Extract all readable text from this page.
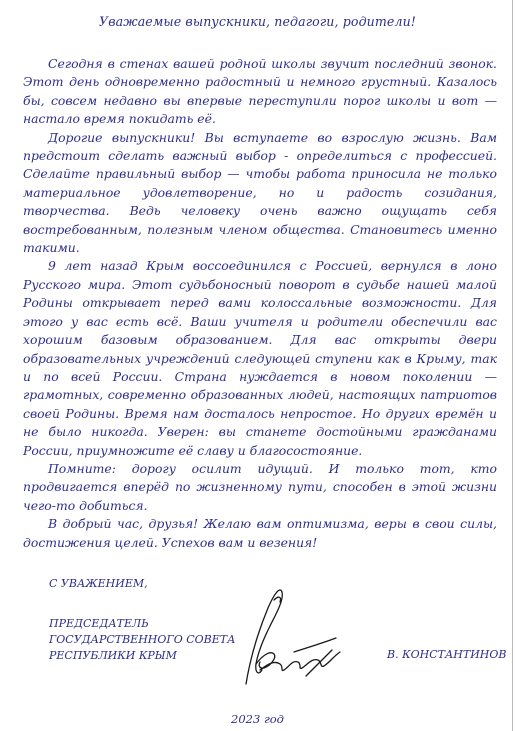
Уважаемые выпускники, педагоги, родители!

Сегодня в стенах вашей родной школы звучит последний звонок. Этот день одновременно радостный и немного грустный. Казалось бы, совсем недавно вы впервые переступили порог школы и вот — настало время покидать её.

Дорогие выпускники! Вы вступаете во взрослую жизнь. Вам предстоит сделать важный выбор - определиться с профессией. Сделайте правильный выбор — чтобы работа приносила не только материальное удовлетворение, но и радость созидания, творчества. Ведь человеку очень важно ощущать себя востребованным, полезным членом общества. Становитесь именно такими.

9 лет назад Крым воссоединился с Россией, вернулся в лоно Русского мира. Этот судьбоносный поворот в судьбе нашей малой Родины открывает перед вами колоссальные возможности. Для этого у вас есть всё. Ваши учителя и родители обеспечили вас хорошим базовым образованием. Для вас открыты двери образовательных учреждений следующей ступени как в Крыму, так и по всей России. Страна нуждается в новом поколении — грамотных, современно образованных людей, настоящих патриотов своей Родины. Время нам досталось непростое. Но других времён и не было никогда. Уверен: вы станете достойными гражданами России, приумножите её славу и благосостояние.

Помните: дорогу осилит идущий. И только тот, кто продвигается вперёд по жизненному пути, способен в этой жизни чего-то добиться.

В добрый час, друзья! Желаю вам оптимизма, веры в свои силы, достижения целей. Успехов вам и везения!

С УВАЖЕНИЕМ,
ПРЕДСЕДАТЕЛЬ
ГОСУДАРСТВЕННОГО СОВЕТА
РЕСПУБЛИКИ КРЫМ	В. КОНСТАНТИНОВ
2023 год
